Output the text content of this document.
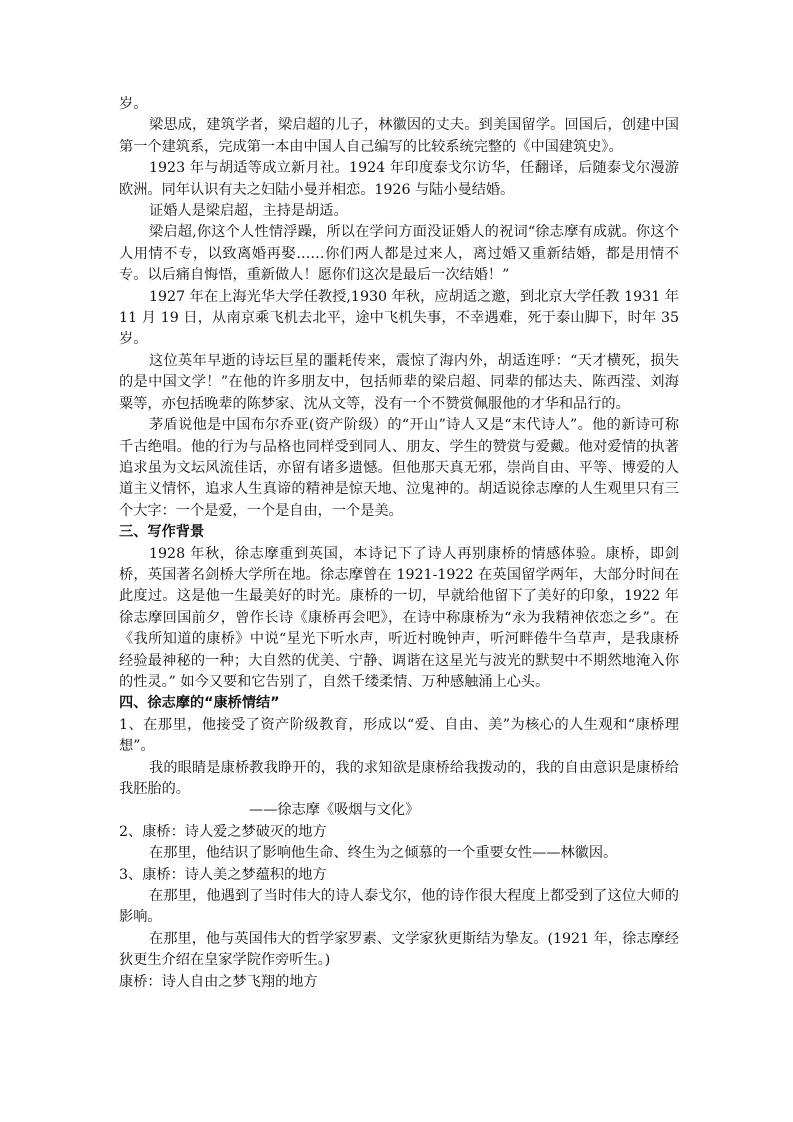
岁。

梁思成，建筑学者，梁启超的儿子，林徽因的丈夫。到美国留学。回国后，创建中国第一个建筑系，完成第一本由中国人自己编写的比较系统完整的《中国建筑史》。

1923 年与胡适等成立新月社。1924 年印度泰戈尔访华，任翻译，后随泰戈尔漫游欧洲。同年认识有夫之妇陆小曼并相恋。1926 与陆小曼结婚。

证婚人是梁启超，主持是胡适。

梁启超,你这个人性情浮躁，所以在学问方面没证婚人的祝词“徐志摩有成就。你这个人用情不专，以致离婚再娶……你们两人都是过来人，离过婚又重新结婚，都是用情不专。以后痛自悔悟，重新做人！愿你们这次是最后一次结婚！”

1927 年在上海光华大学任教授,1930 年秋，应胡适之邀，到北京大学任教 1931 年 11 月 19 日，从南京乘飞机去北平，途中飞机失事，不幸遇难，死于泰山脚下，时年 35 岁。

这位英年早逝的诗坛巨星的噩耗传来，震惊了海内外，胡适连呼：“天才横死，损失的是中国文学！”在他的许多朋友中，包括师辈的梁启超、同辈的郁达夫、陈西滢、刘海粟等，亦包括晚辈的陈梦家、沈从文等，没有一个不赞赏佩服他的才华和品行的。

茅盾说他是中国布尔乔亚(资产阶级）的“开山”诗人又是“末代诗人”。他的新诗可称千古绝唱。他的行为与品格也同样受到同人、朋友、学生的赞赏与爱戴。他对爱情的执著追求虽为文坛风流佳话，亦留有诸多遗憾。但他那天真无邪，崇尚自由、平等、博爱的人道主义情怀，追求人生真谛的精神是惊天地、泣鬼神的。胡适说徐志摩的人生观里只有三个大字：一个是爱，一个是自由，一个是美。

三、写作背景

1928 年秋，徐志摩重到英国，本诗记下了诗人再别康桥的情感体验。康桥，即剑桥，英国著名剑桥大学所在地。徐志摩曾在 1921-1922 在英国留学两年，大部分时间在此度过。这是他一生最美好的时光。康桥的一切，早就给他留下了美好的印象，1922 年徐志摩回国前夕，曾作长诗《康桥再会吧》，在诗中称康桥为“永为我精神依恋之乡”。在《我所知道的康桥》中说“星光下听水声，听近村晚钟声，听河畔倦牛刍草声，是我康桥经验最神秘的一种；大自然的优美、宁静、调谐在这星光与波光的默契中不期然地淹入你的性灵。” 如今又要和它告别了，自然千缕柔情、万种感触涌上心头。

四、徐志摩的“康桥情结”

1、在那里，他接受了资产阶级教育，形成以“爱、自由、美”为核心的人生观和“康桥理想”。

我的眼睛是康桥教我睁开的，我的求知欲是康桥给我拨动的，我的自由意识是康桥给我胚胎的。

——徐志摩《吸烟与文化》

2、康桥：诗人爱之梦破灭的地方

在那里，他结识了影响他生命、终生为之倾慕的一个重要女性——林徽因。

3、康桥：诗人美之梦蕴积的地方

在那里，他遇到了当时伟大的诗人泰戈尔，他的诗作很大程度上都受到了这位大师的影响。

在那里，他与英国伟大的哲学家罗素、文学家狄更斯结为挚友。(1921 年，徐志摩经狄更生介绍在皇家学院作旁听生。)

康桥：诗人自由之梦飞翔的地方
